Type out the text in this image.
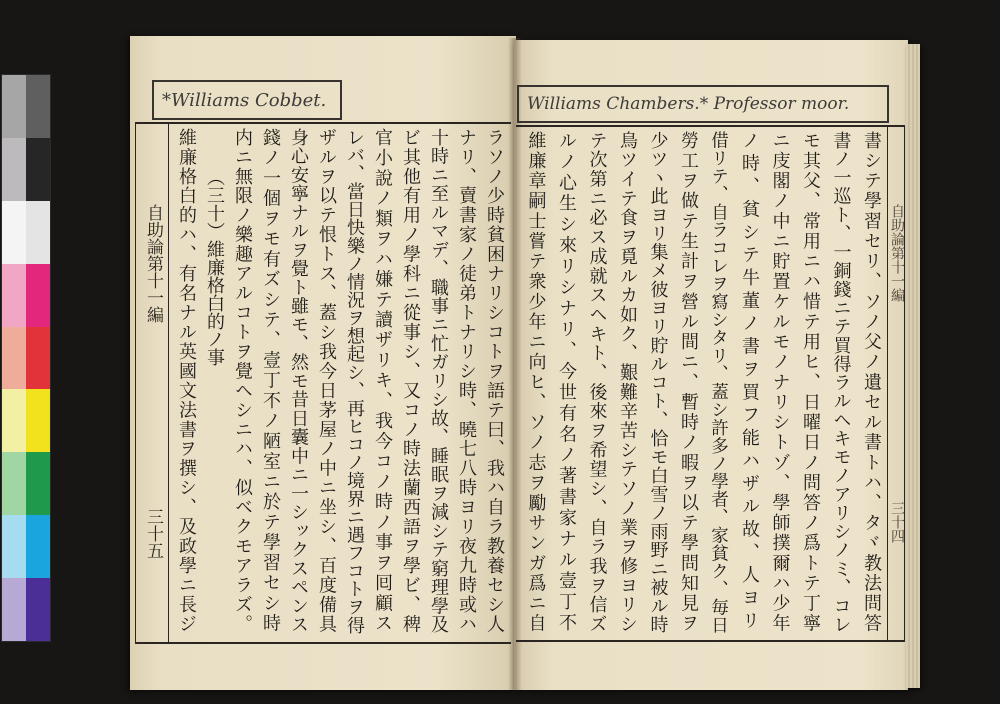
*Williams Cobbet.	Williams Chambers.* Professor moor.
自助論第十一編
三十五	ラソノ少時貧困ナリシコトヲ語テ曰、我ハ自ラ教養セシ人
ナリ、賣書家ノ徒弟トナリシ時、曉七八時ヨリ夜九時或ハ
十時ニ至ルマデ、職事ニ忙ガリシ故、睡眠ヲ減シテ窮理學及
ビ其他有用ノ學科ニ從事シ、又コノ時法蘭西語ヲ學ビ、稗
官小說ノ類ヲハ嫌テ讀ザリキ、我今コノ時ノ事ヲ囘顧ス
レバ、當日快樂ノ情況ヲ想起シ、再ヒコノ境界ニ遇フコトヲ得
ザルヲ以テ恨トス、蓋シ我今日茅屋ノ中ニ坐シ、百度備具
身心安寧ナルヲ覺ト雖モ、然モ昔日囊中ニ一シックスペンス
錢ノ一個ヲモ有ズシテ、壹丁不ノ陋室ニ於テ學習セシ時
内ニ無限ノ樂趣アルコトヲ覺ヘシニハ、似ベクモアラズ。
（三十）維廉格白的ノ事
維廉格白的ハ、有名ナル英國文法書ヲ撰シ、及政學ニ長ジ	自助論第十一編
三十四
書シテ學習セリ、ソノ父ノ遺セル書トハ、タヾ教法問答
書ノ一巡ト、一銅錢ニテ買得ラルヘキモノアリシノミ、コレ
モ其父、常用ニハ惜テ用ヒ、日曜日ノ問答ノ爲トテ丁寧
ニ庋閣ノ中ニ貯置ケルモノナリシトゾ、學師撲爾ハ少年
ノ時、貧シテ牛董ノ書ヲ買フ能ハザル故、人ヨリ
借リテ、自ラコレヲ寫シタリ、蓋シ許多ノ學者、家貧ク、毎日
勞工ヲ做テ生計ヲ營ル間ニ、暫時ノ暇ヲ以テ學問知見ヲ
少ツヽ此ヨリ集メ彼ヨリ貯ルコト、恰モ白雪ノ雨野ニ被ル時
鳥ツイテ食ヲ覓ルカ如ク、艱難辛苦シテソノ業ヲ修ヨリシ
テ次第ニ必ス成就スヘキト、後來ヲ希望シ、自ラ我ヲ信ズ
ルノ心生シ來リシナリ、今世有名ノ著書家ナル壹丁不
維廉章嗣士嘗テ衆少年ニ向ヒ、ソノ志ヲ勵サンガ爲ニ自
